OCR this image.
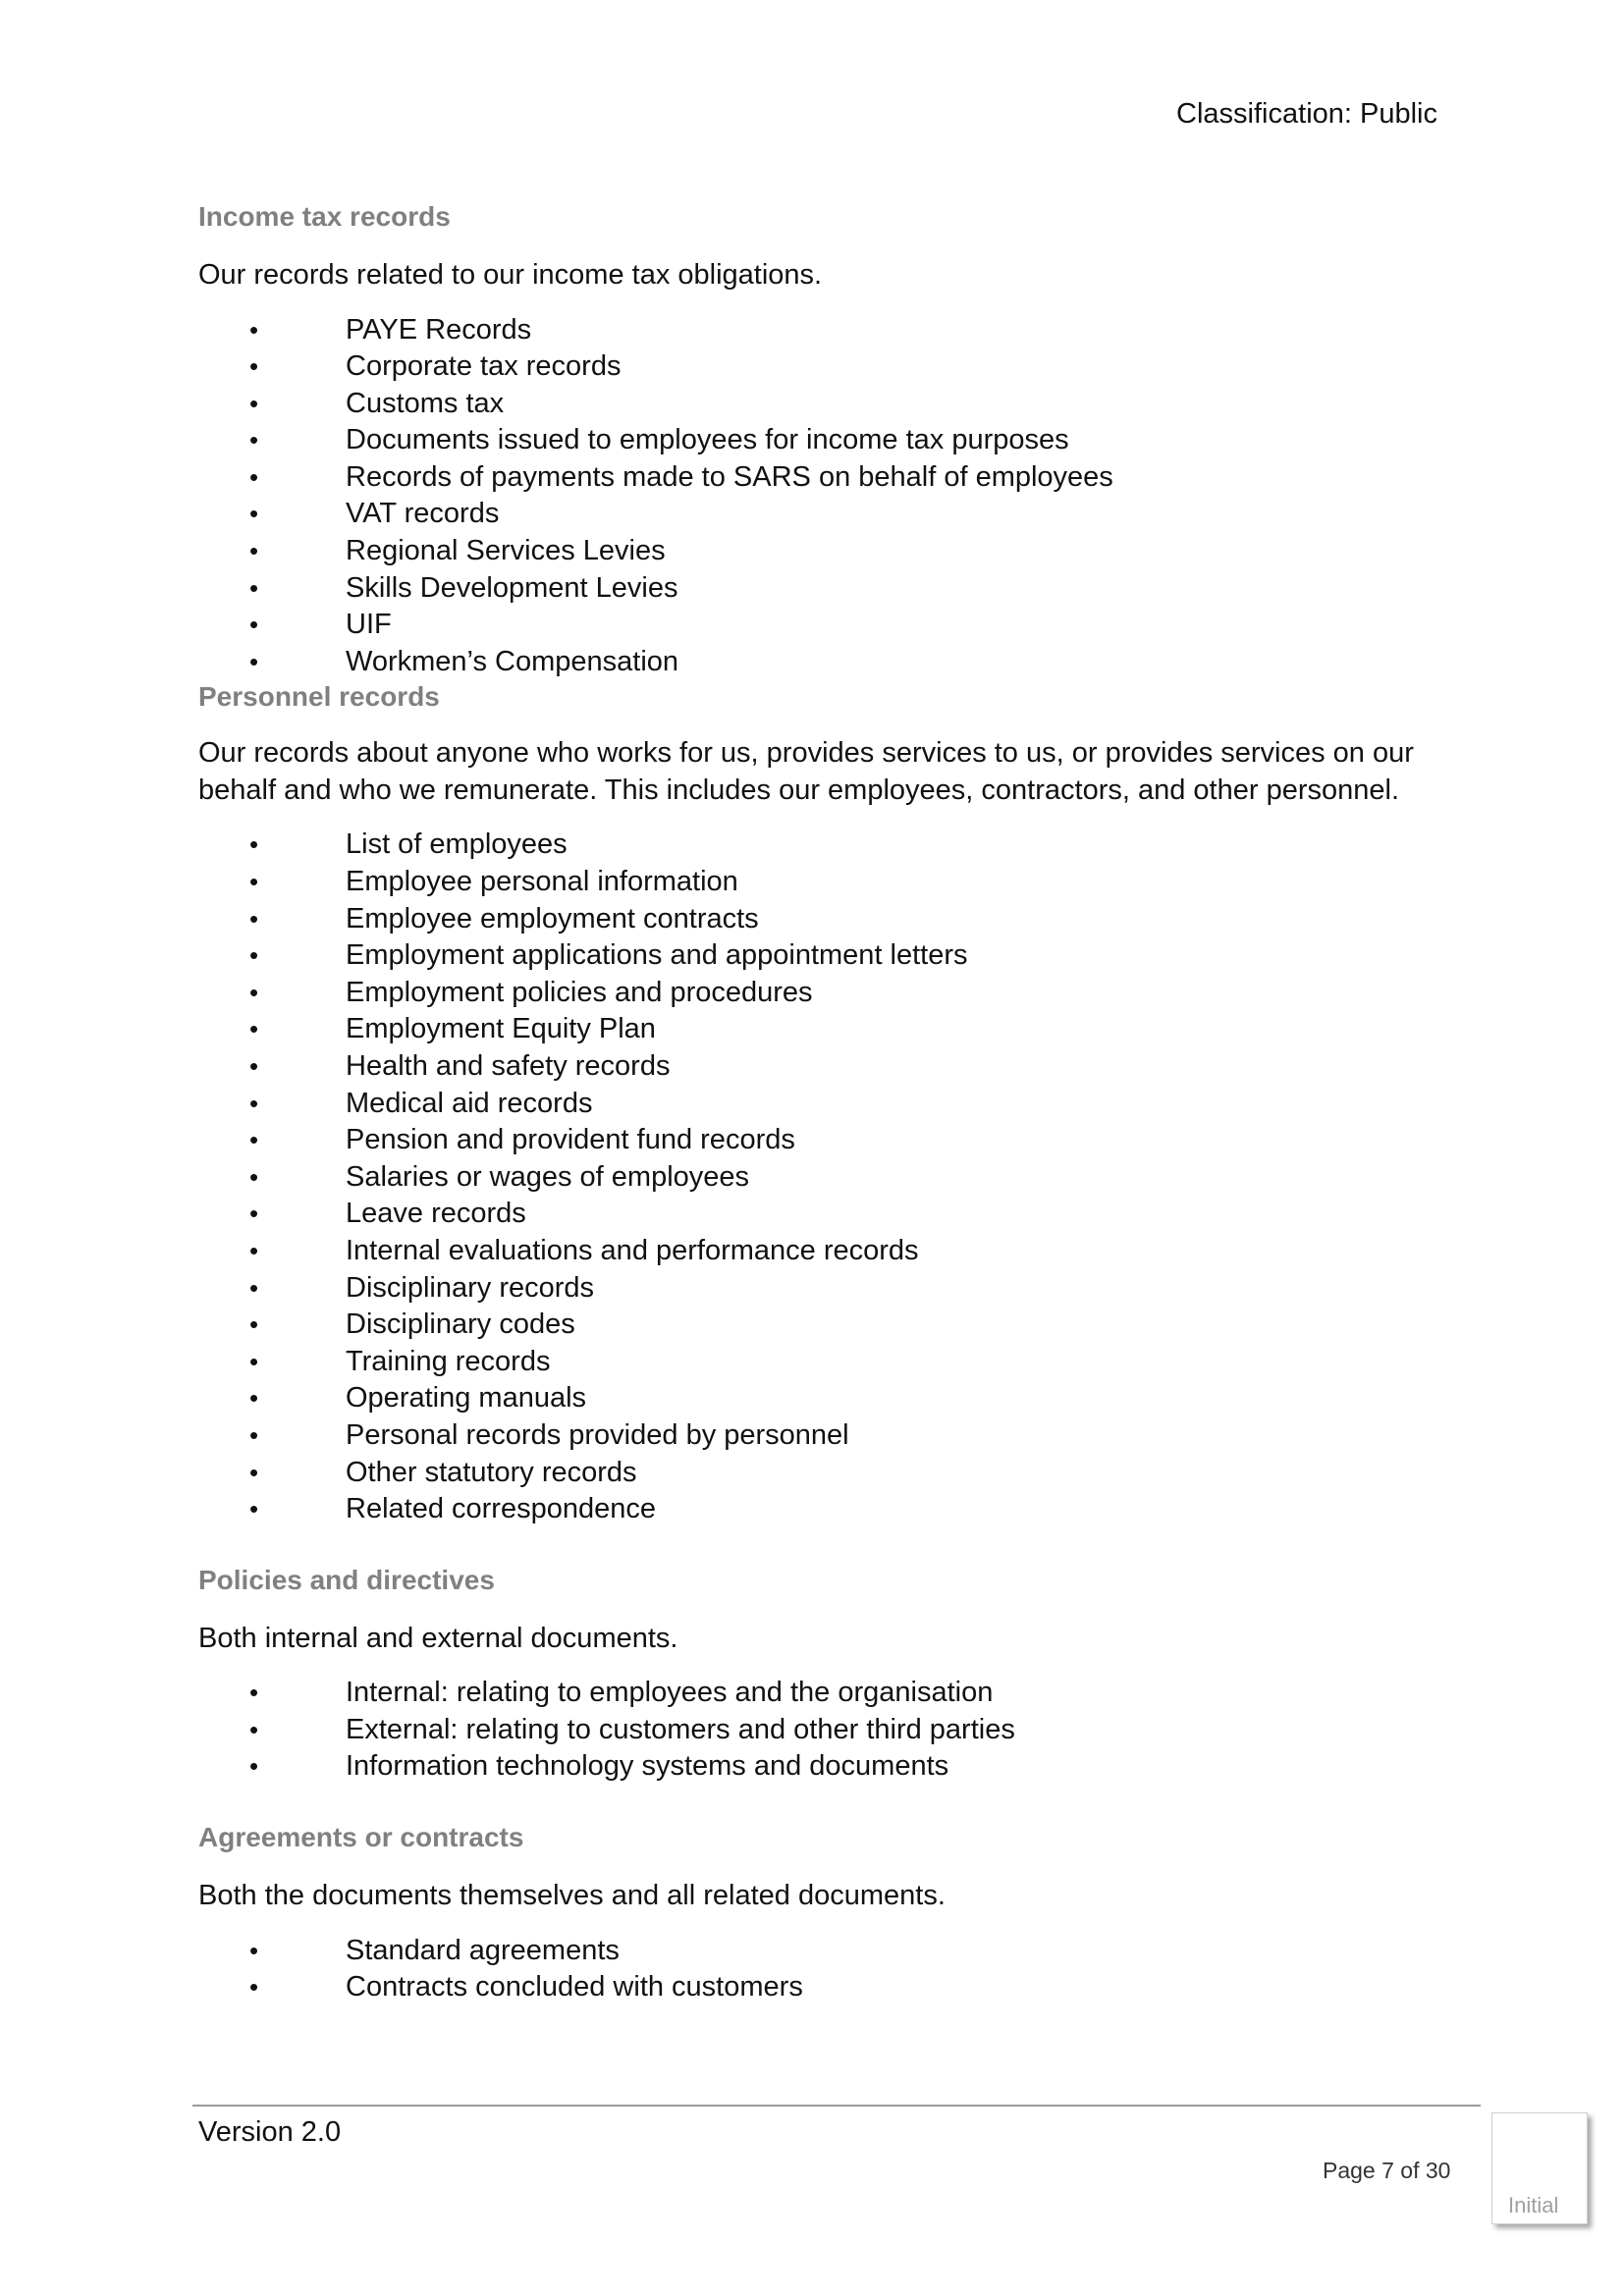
Classification: Public
Income tax records

Our records related to our income tax obligations.

•	PAYE Records
•	Corporate tax records
•	Customs tax
•	Documents issued to employees for income tax purposes
•	Records of payments made to SARS on behalf of employees
•	VAT records
•	Regional Services Levies
•	Skills Development Levies
•	UIF
•	Workmen’s Compensation
Personnel records

Our records about anyone who works for us, provides services to us, or provides services on our behalf and who we remunerate. This includes our employees, contractors, and other personnel.

•	List of employees
•	Employee personal information
•	Employee employment contracts
•	Employment applications and appointment letters
•	Employment policies and procedures
•	Employment Equity Plan
•	Health and safety records
•	Medical aid records
•	Pension and provident fund records
•	Salaries or wages of employees
•	Leave records
•	Internal evaluations and performance records
•	Disciplinary records
•	Disciplinary codes
•	Training records
•	Operating manuals
•	Personal records provided by personnel
•	Other statutory records
•	Related correspondence
Policies and directives

Both internal and external documents.

•	Internal: relating to employees and the organisation
•	External: relating to customers and other third parties
•	Information technology systems and documents
Agreements or contracts

Both the documents themselves and all related documents.

•	Standard agreements
•	Contracts concluded with customers
Version 2.0
Page 7 of 30
Initial
